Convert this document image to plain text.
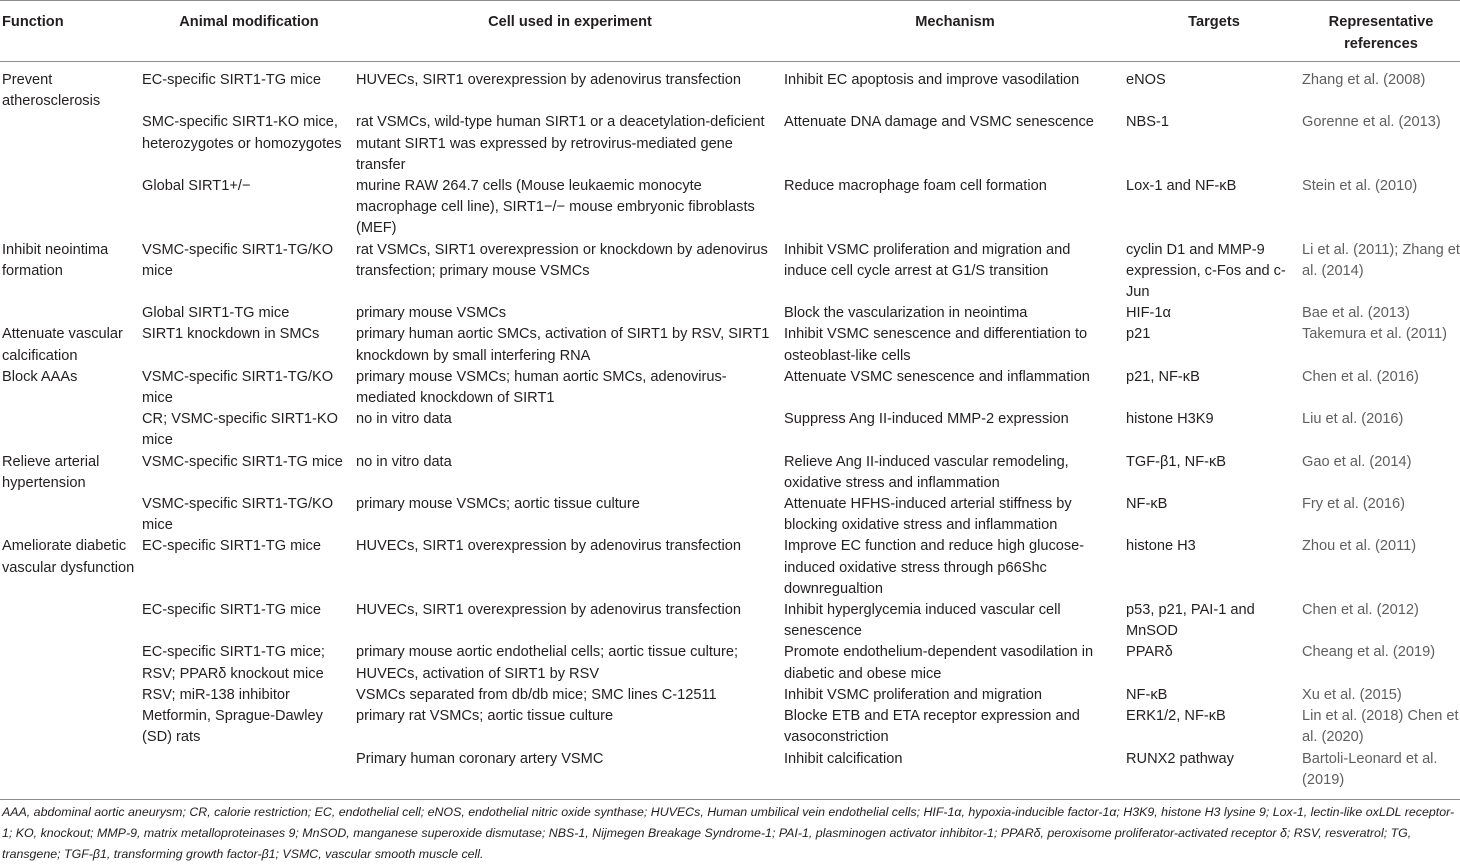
Function	Animal modification	Cell used in experiment	Mechanism	Targets	Representative references
Prevent atherosclerosis	EC-specific SIRT1-TG mice	HUVECs, SIRT1 overexpression by adenovirus transfection	Inhibit EC apoptosis and improve vasodilation	eNOS	Zhang et al. (2008)
	SMC-specific SIRT1-KO mice, heterozygotes or homozygotes	rat VSMCs, wild-type human SIRT1 or a deacetylation-deficient mutant SIRT1 was expressed by retrovirus-mediated gene transfer	Attenuate DNA damage and VSMC senescence	NBS-1	Gorenne et al. (2013)
	Global SIRT1+/−	murine RAW 264.7 cells (Mouse leukaemic monocyte macrophage cell line), SIRT1−/− mouse embryonic fibroblasts (MEF)	Reduce macrophage foam cell formation	Lox-1 and NF-κB	Stein et al. (2010)
Inhibit neointima formation	VSMC-specific SIRT1-TG/KO mice	rat VSMCs, SIRT1 overexpression or knockdown by adenovirus transfection; primary mouse VSMCs	Inhibit VSMC proliferation and migration and induce cell cycle arrest at G1/S transition	cyclin D1 and MMP-9 expression, c-Fos and c-Jun	Li et al. (2011); Zhang et al. (2014)
	Global SIRT1-TG mice	primary mouse VSMCs	Block the vascularization in neointima	HIF-1α	Bae et al. (2013)
Attenuate vascular calcification	SIRT1 knockdown in SMCs	primary human aortic SMCs, activation of SIRT1 by RSV, SIRT1 knockdown by small interfering RNA	Inhibit VSMC senescence and differentiation to osteoblast-like cells	p21	Takemura et al. (2011)
Block AAAs	VSMC-specific SIRT1-TG/KO mice	primary mouse VSMCs; human aortic SMCs, adenovirus-mediated knockdown of SIRT1	Attenuate VSMC senescence and inflammation	p21, NF-κB	Chen et al. (2016)
	CR; VSMC-specific SIRT1-KO mice	no in vitro data	Suppress Ang II-induced MMP-2 expression	histone H3K9	Liu et al. (2016)
Relieve arterial hypertension	VSMC-specific SIRT1-TG mice	no in vitro data	Relieve Ang II-induced vascular remodeling, oxidative stress and inflammation	TGF-β1, NF-κB	Gao et al. (2014)
	VSMC-specific SIRT1-TG/KO mice	primary mouse VSMCs; aortic tissue culture	Attenuate HFHS-induced arterial stiffness by blocking oxidative stress and inflammation	NF-κB	Fry et al. (2016)
Ameliorate diabetic vascular dysfunction	EC-specific SIRT1-TG mice	HUVECs, SIRT1 overexpression by adenovirus transfection	Improve EC function and reduce high glucose-induced oxidative stress through p66Shc downregualtion	histone H3	Zhou et al. (2011)
	EC-specific SIRT1-TG mice	HUVECs, SIRT1 overexpression by adenovirus transfection	Inhibit hyperglycemia induced vascular cell senescence	p53, p21, PAI-1 and MnSOD	Chen et al. (2012)
	EC-specific SIRT1-TG mice; RSV; PPARδ knockout mice	primary mouse aortic endothelial cells; aortic tissue culture; HUVECs, activation of SIRT1 by RSV	Promote endothelium-dependent vasodilation in diabetic and obese mice	PPARδ	Cheang et al. (2019)
	RSV; miR-138 inhibitor	VSMCs separated from db/db mice; SMC lines C-12511	Inhibit VSMC proliferation and migration	NF-κB	Xu et al. (2015)
	Metformin, Sprague-Dawley (SD) rats	primary rat VSMCs; aortic tissue culture	Blocke ETB and ETA receptor expression and vasoconstriction	ERK1/2, NF-κB	Lin et al. (2018) Chen et al. (2020)
		Primary human coronary artery VSMC	Inhibit calcification	RUNX2 pathway	Bartoli-Leonard et al. (2019)
AAA, abdominal aortic aneurysm; CR, calorie restriction; EC, endothelial cell; eNOS, endothelial nitric oxide synthase; HUVECs, Human umbilical vein endothelial cells; HIF-1α, hypoxia-inducible factor-1α; H3K9, histone H3 lysine 9; Lox-1, lectin-like oxLDL receptor-1; KO, knockout; MMP-9, matrix metalloproteinases 9; MnSOD, manganese superoxide dismutase; NBS-1, Nijmegen Breakage Syndrome-1; PAI-1, plasminogen activator inhibitor-1; PPARδ, peroxisome proliferator-activated receptor δ; RSV, resveratrol; TG, transgene; TGF-β1, transforming growth factor-β1; VSMC, vascular smooth muscle cell.
